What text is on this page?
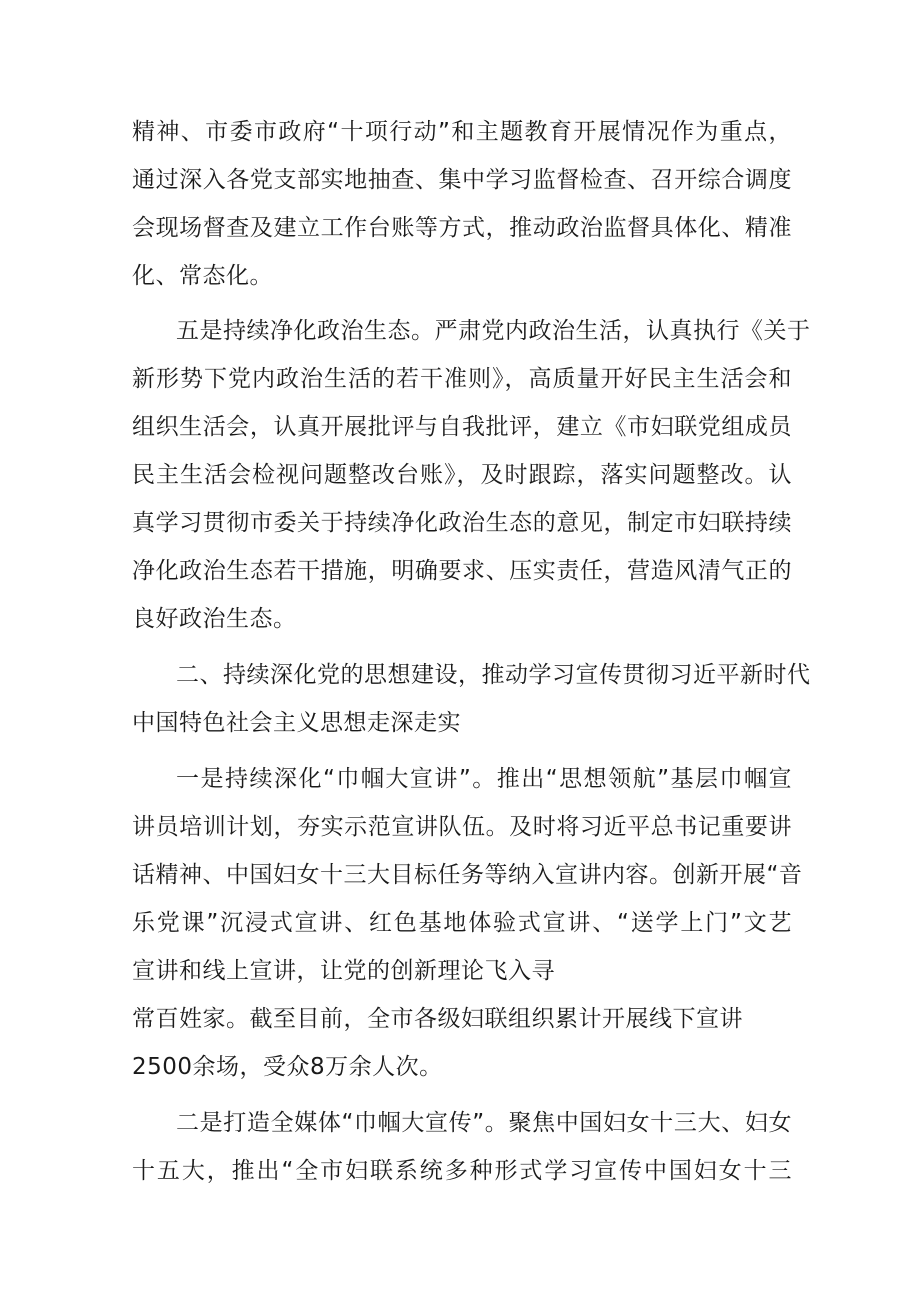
精神、市委市政府“十项行动”和主题教育开展情况作为重点，
通过深入各党支部实地抽查、集中学习监督检查、召开综合调度
会现场督查及建立工作台账等方式，推动政治监督具体化、精准
化、常态化。
五是持续净化政治生态。严肃党内政治生活，认真执行《关于
新形势下党内政治生活的若干准则》，高质量开好民主生活会和
组织生活会，认真开展批评与自我批评，建立《市妇联党组成员
民主生活会检视问题整改台账》，及时跟踪，落实问题整改。认
真学习贯彻市委关于持续净化政治生态的意见，制定市妇联持续
净化政治生态若干措施，明确要求、压实责任，营造风清气正的
良好政治生态。
二、持续深化党的思想建设，推动学习宣传贯彻习近平新时代
中国特色社会主义思想走深走实
一是持续深化“巾帼大宣讲”。推出“思想领航”基层巾帼宣
讲员培训计划，夯实示范宣讲队伍。及时将习近平总书记重要讲
话精神、中国妇女十三大目标任务等纳入宣讲内容。创新开展“音
乐党课”沉浸式宣讲、红色基地体验式宣讲、“送学上门”文艺
宣讲和线上宣讲，让党的创新理论飞入寻
常百姓家。截至目前，全市各级妇联组织累计开展线下宣讲
2500余场，受众8万余人次。
二是打造全媒体“巾帼大宣传”。聚焦中国妇女十三大、妇女
十五大，推出“全市妇联系统多种形式学习宣传中国妇女十三
